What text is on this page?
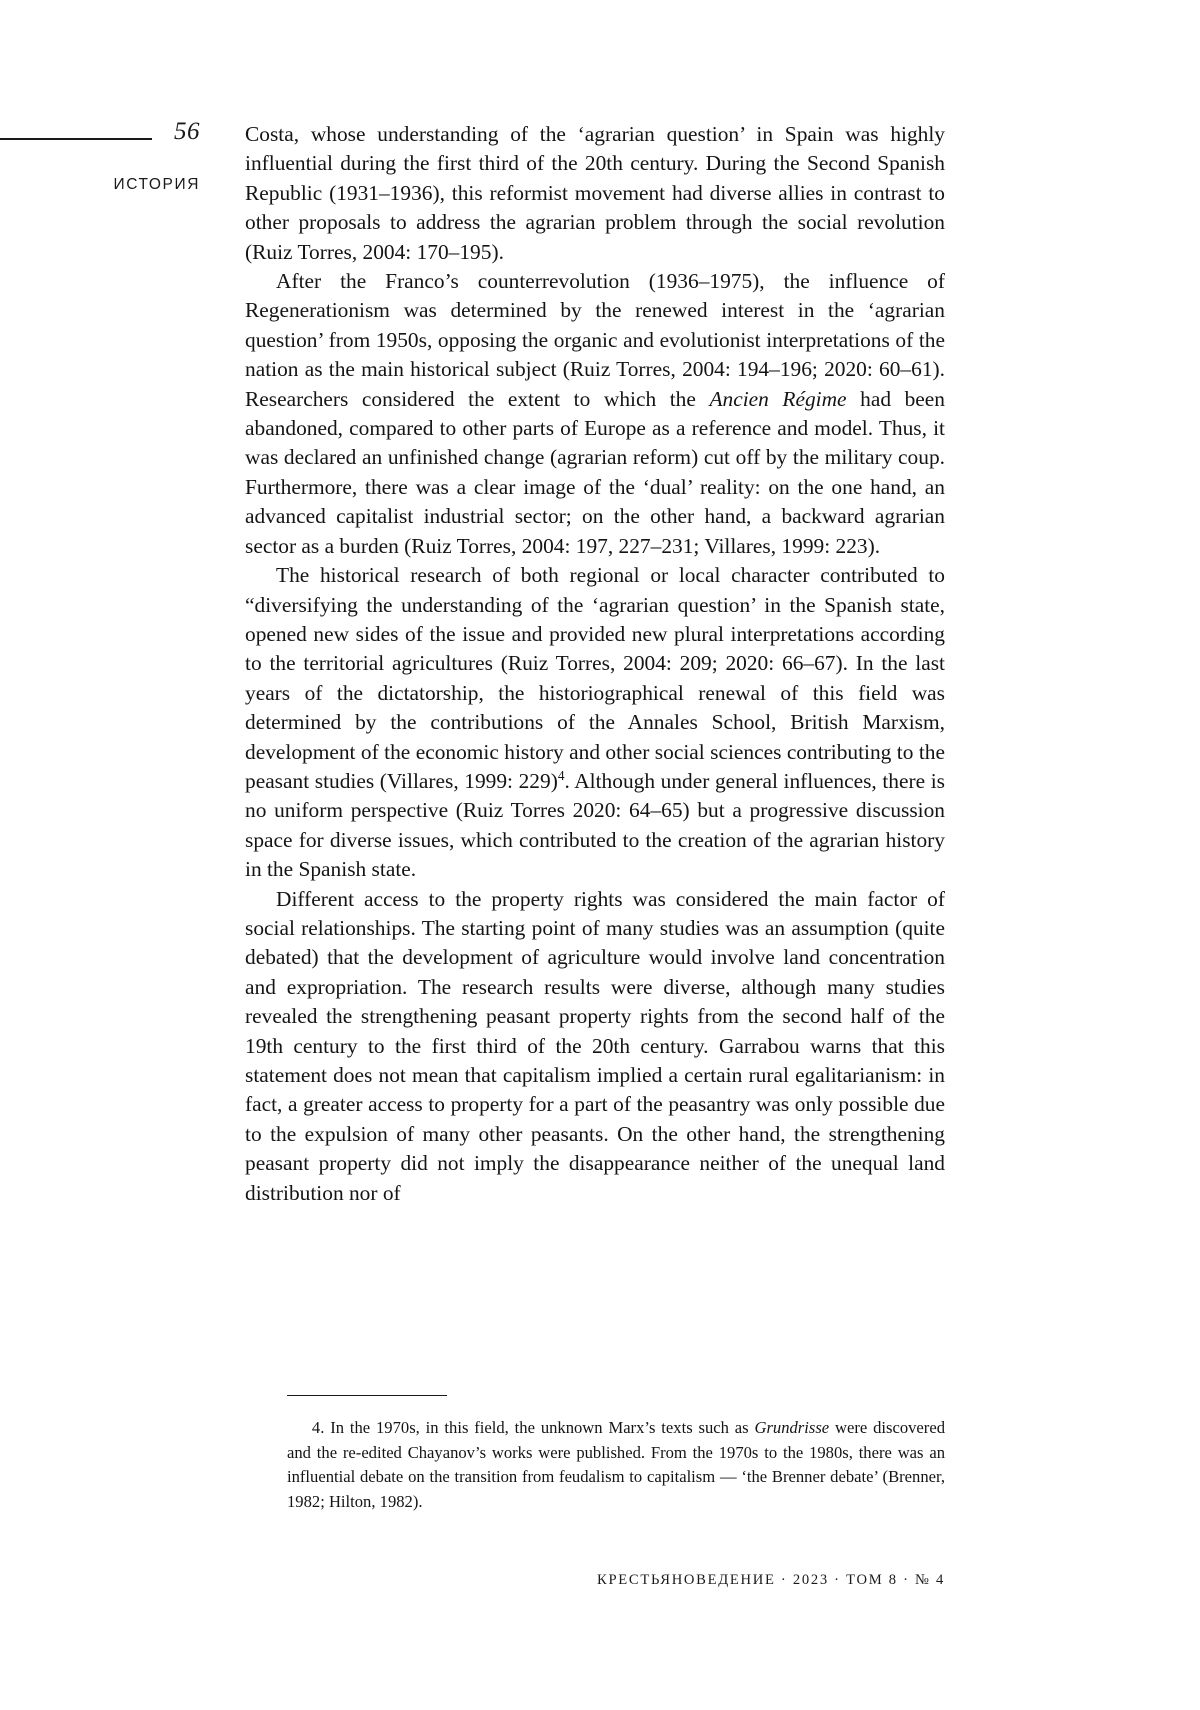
56
ИСТОРИЯ

Costa, whose understanding of the ‘agrarian question’ in Spain was highly influential during the first third of the 20th century. During the Second Spanish Republic (1931–1936), this reformist movement had diverse allies in contrast to other proposals to address the agrarian problem through the social revolution (Ruiz Torres, 2004: 170–195).

After the Franco’s counterrevolution (1936–1975), the influence of Regenerationism was determined by the renewed interest in the ‘agrarian question’ from 1950s, opposing the organic and evolutionist interpretations of the nation as the main historical subject (Ruiz Torres, 2004: 194–196; 2020: 60–61). Researchers considered the extent to which the Ancien Régime had been abandoned, compared to other parts of Europe as a reference and model. Thus, it was declared an unfinished change (agrarian reform) cut off by the military coup. Furthermore, there was a clear image of the ‘dual’ reality: on the one hand, an advanced capitalist industrial sector; on the other hand, a backward agrarian sector as a burden (Ruiz Torres, 2004: 197, 227–231; Villares, 1999: 223).

The historical research of both regional or local character contributed to “diversifying the understanding of the ‘agrarian question’ in the Spanish state, opened new sides of the issue and provided new plural interpretations according to the territorial agricultures (Ruiz Torres, 2004: 209; 2020: 66–67). In the last years of the dictatorship, the historiographical renewal of this field was determined by the contributions of the Annales School, British Marxism, development of the economic history and other social sciences contributing to the peasant studies (Villares, 1999: 229)$^4$. Although under general influences, there is no uniform perspective (Ruiz Torres 2020: 64–65) but a progressive discussion space for diverse issues, which contributed to the creation of the agrarian history in the Spanish state.

Different access to the property rights was considered the main factor of social relationships. The starting point of many studies was an assumption (quite debated) that the development of agriculture would involve land concentration and expropriation. The research results were diverse, although many studies revealed the strengthening peasant property rights from the second half of the 19th century to the first third of the 20th century. Garrabou warns that this statement does not mean that capitalism implied a certain rural egalitarianism: in fact, a greater access to property for a part of the peasantry was only possible due to the expulsion of many other peasants. On the other hand, the strengthening peasant property did not imply the disappearance neither of the unequal land distribution nor of

4. In the 1970s, in this field, the unknown Marx’s texts such as Grundrisse were discovered and the re-edited Chayanov’s works were published. From the 1970s to the 1980s, there was an influential debate on the transition from feudalism to capitalism — ‘the Brenner debate’ (Brenner, 1982; Hilton, 1982).

КРЕСТЬЯНОВЕДЕНИЕ · 2023 · ТОМ 8 · № 4
